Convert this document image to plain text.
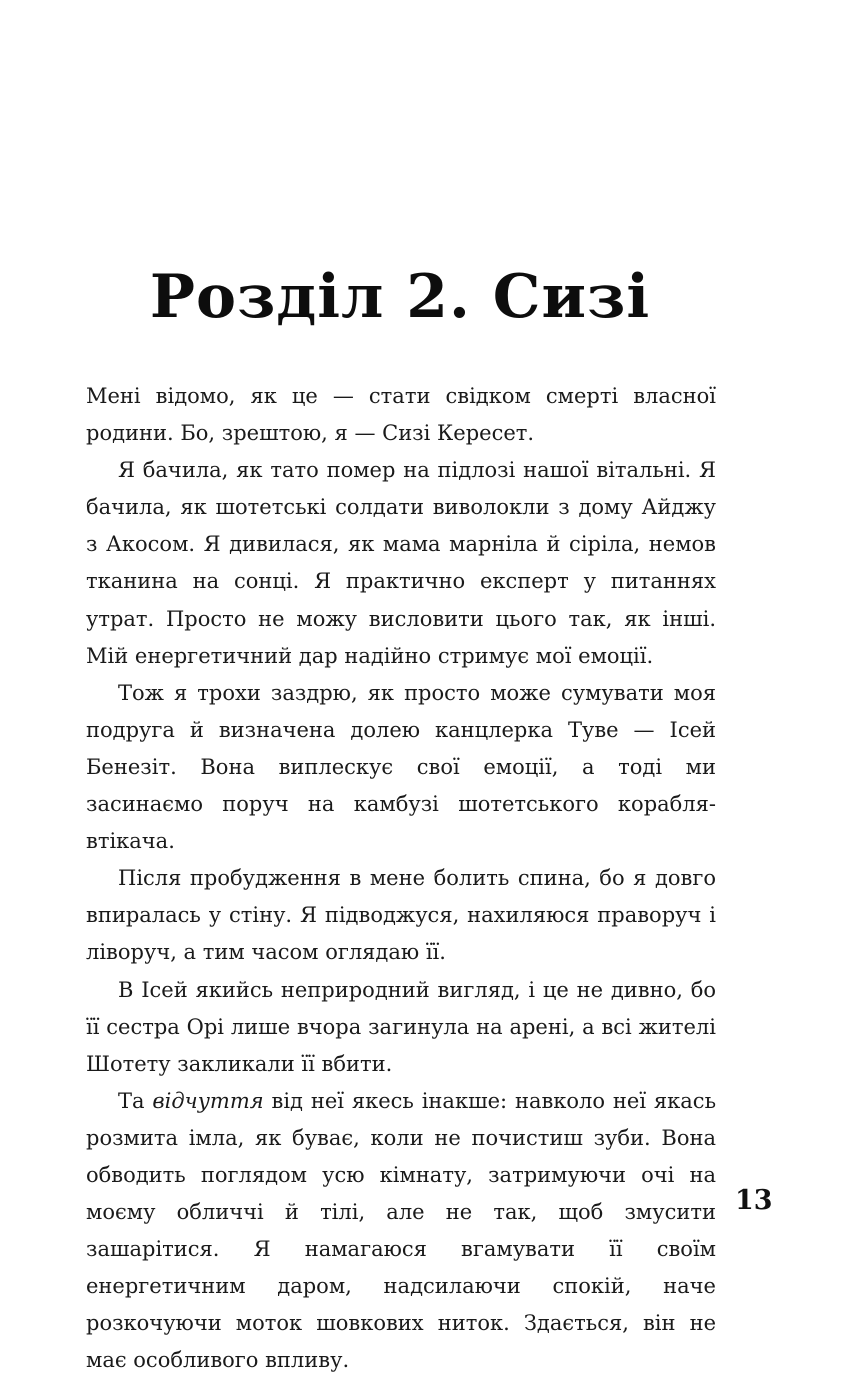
Розділ 2. Сизі

Мені відомо, як це — стати свідком смерті власної родини. Бо, зрештою, я — Сизі Кересет.

Я бачила, як тато помер на підлозі нашої вітальні. Я бачила, як шотетські солдати виволокли з дому Айджу з Акосом. Я дивилася, як мама марніла й сіріла, немов тканина на сонці. Я практично експерт у питаннях утрат. Просто не можу висловити цього так, як інші. Мій енергетичний дар надійно стримує мої емоції.

Тож я трохи заздрю, як просто може сумувати моя подруга й визначена долею канцлерка Туве — Ісей Бенезіт. Вона виплескує свої емоції, а тоді ми засинаємо поруч на камбузі шотетського корабля-втікача.

Після пробудження в мене болить спина, бо я довго впиралась у стіну. Я підводжуся, нахиляюся праворуч і ліворуч, а тим часом оглядаю її.

В Ісей якийсь неприродний вигляд, і це не дивно, бо її сестра Орі лише вчора загинула на арені, а всі жителі Шотету закликали її вбити.

Та відчуття від неї якесь інакше: навколо неї якась розмита імла, як буває, коли не почистиш зуби. Вона обводить поглядом усю кімнату, затримуючи очі на моєму обличчі й тілі, але не так, щоб змусити зашарітися. Я намагаюся вгамувати її своїм енергетичним даром, надсилаючи спокій, наче розкочуючи моток шовкових ниток. Здається, він не має особливого впливу.

13
